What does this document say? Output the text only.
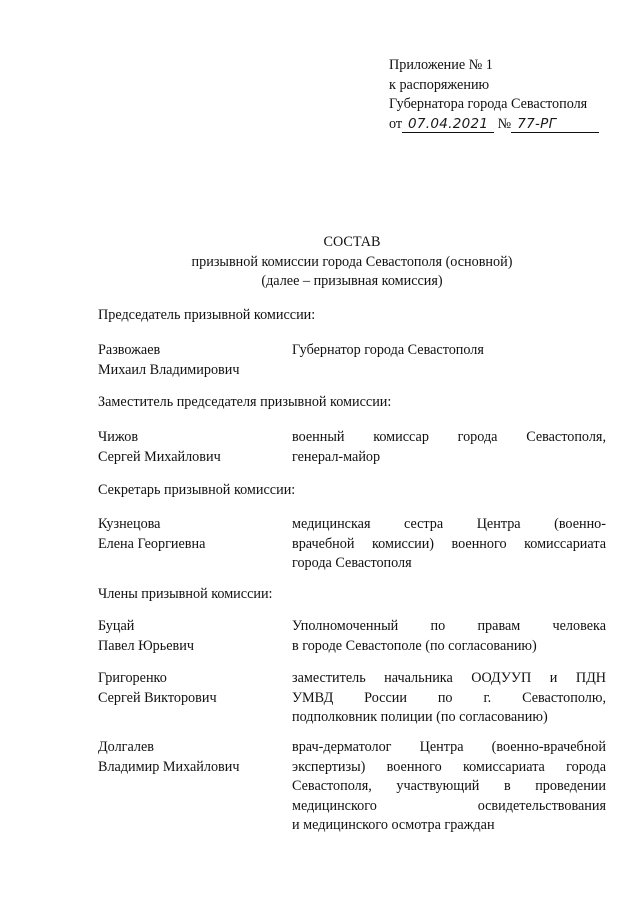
Приложение № 1
к распоряжению
Губернатора города Севастополя
от 07.04.2021 № 77-РГ
СОСТАВ
призывной комиссии города Севастополя (основной)
(далее – призывная комиссия)
Председатель призывной комиссии:
Развожаев
Михаил Владимирович
Губернатор города Севастополя
Заместитель председателя призывной комиссии:
Чижов
Сергей Михайлович
военный комиссар города Севастополя,
генерал-майор
Секретарь призывной комиссии:
Кузнецова
Елена Георгиевна
медицинская сестра Центра (военно-
врачебной комиссии) военного комиссариата
города Севастополя
Члены призывной комиссии:
Буцай
Павел Юрьевич
Уполномоченный по правам человека
в городе Севастополе (по согласованию)
Григоренко
Сергей Викторович
заместитель начальника ООДУУП и ПДН
УМВД России по г. Севастополю,
подполковник полиции (по согласованию)
Долгалев
Владимир Михайлович
врач-дерматолог Центра (военно-врачебной
экспертизы) военного комиссариата города
Севастополя, участвующий в проведении
медицинского освидетельствования
и медицинского осмотра граждан
